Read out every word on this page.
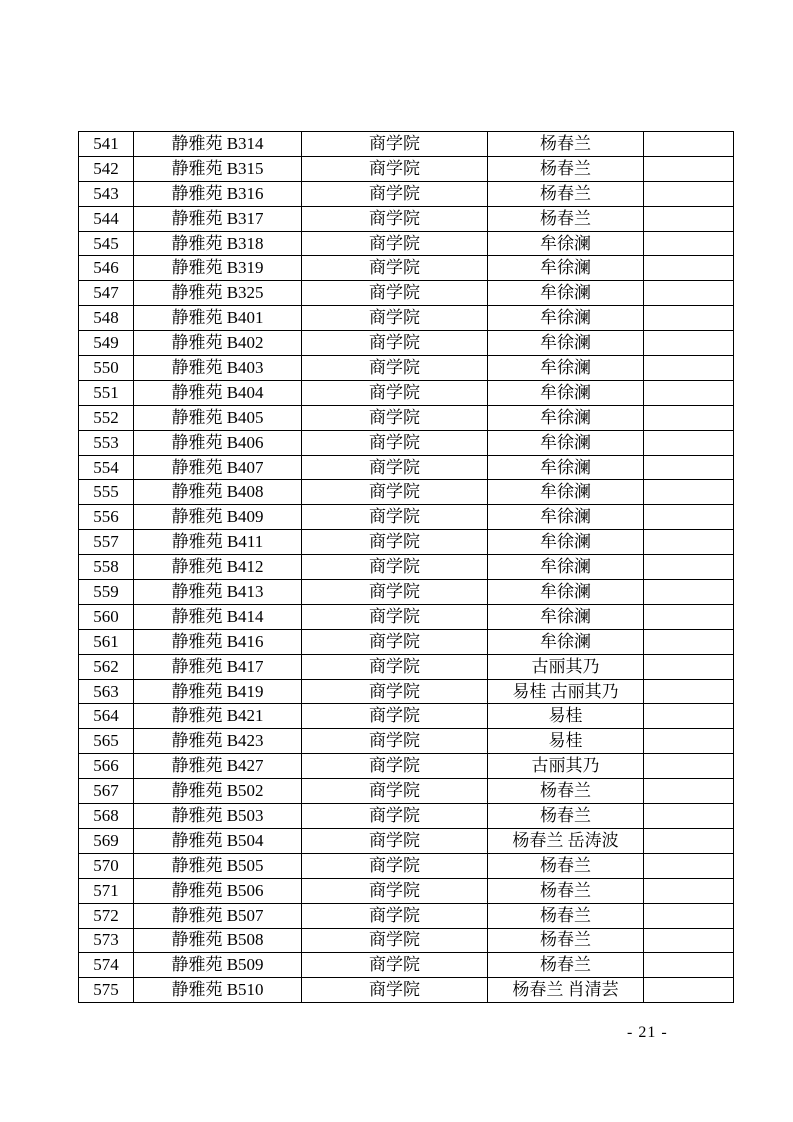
541	静雅苑 B314	商学院	杨春兰	
542	静雅苑 B315	商学院	杨春兰	
543	静雅苑 B316	商学院	杨春兰	
544	静雅苑 B317	商学院	杨春兰	
545	静雅苑 B318	商学院	牟徐澜	
546	静雅苑 B319	商学院	牟徐澜	
547	静雅苑 B325	商学院	牟徐澜	
548	静雅苑 B401	商学院	牟徐澜	
549	静雅苑 B402	商学院	牟徐澜	
550	静雅苑 B403	商学院	牟徐澜	
551	静雅苑 B404	商学院	牟徐澜	
552	静雅苑 B405	商学院	牟徐澜	
553	静雅苑 B406	商学院	牟徐澜	
554	静雅苑 B407	商学院	牟徐澜	
555	静雅苑 B408	商学院	牟徐澜	
556	静雅苑 B409	商学院	牟徐澜	
557	静雅苑 B411	商学院	牟徐澜	
558	静雅苑 B412	商学院	牟徐澜	
559	静雅苑 B413	商学院	牟徐澜	
560	静雅苑 B414	商学院	牟徐澜	
561	静雅苑 B416	商学院	牟徐澜	
562	静雅苑 B417	商学院	古丽其乃	
563	静雅苑 B419	商学院	易桂 古丽其乃	
564	静雅苑 B421	商学院	易桂	
565	静雅苑 B423	商学院	易桂	
566	静雅苑 B427	商学院	古丽其乃	
567	静雅苑 B502	商学院	杨春兰	
568	静雅苑 B503	商学院	杨春兰	
569	静雅苑 B504	商学院	杨春兰 岳涛波	
570	静雅苑 B505	商学院	杨春兰	
571	静雅苑 B506	商学院	杨春兰	
572	静雅苑 B507	商学院	杨春兰	
573	静雅苑 B508	商学院	杨春兰	
574	静雅苑 B509	商学院	杨春兰	
575	静雅苑 B510	商学院	杨春兰 肖清芸	
- 21 -
